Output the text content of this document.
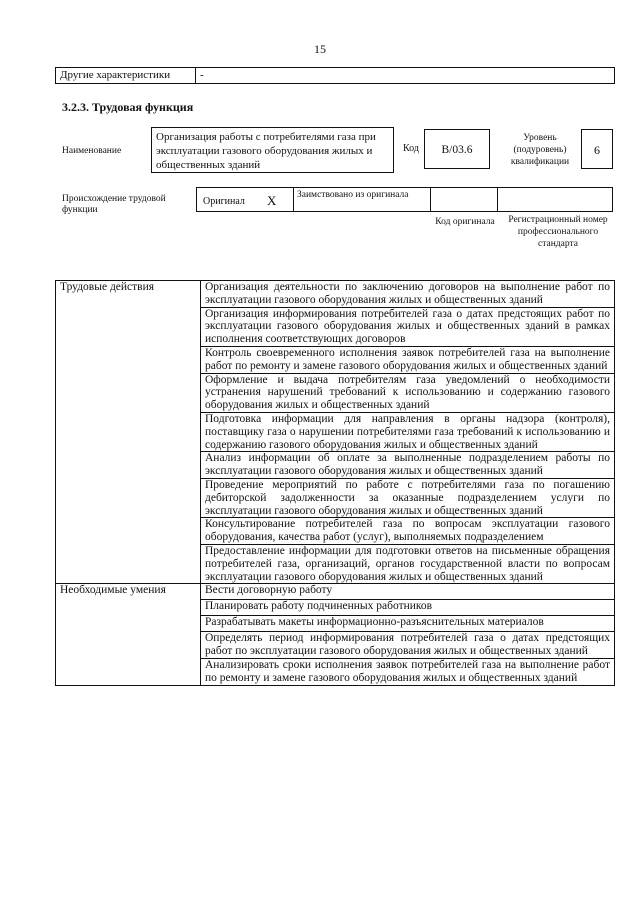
15
Другие характеристики	-
3.2.3. Трудовая функция
Наименование
Организация работы с потребителями газа при эксплуатации газового оборудования жилых и общественных зданий
Код	В/03.6
Уровень (подуровень) квалификации
6
Происхождение трудовой функции
Оригинал X Заимствовано из оригинала
Код оригинала	Регистрационный номер профессионального стандарта
Трудовые действия	Организация деятельности по заключению договоров на выполнение работ по эксплуатации газового оборудования жилых и общественных зданий
	Организация информирования потребителей газа о датах предстоящих работ по эксплуатации газового оборудования жилых и общественных зданий в рамках исполнения соответствующих договоров
	Контроль своевременного исполнения заявок потребителей газа на выполнение работ по ремонту и замене газового оборудования жилых и общественных зданий
	Оформление и выдача потребителям газа уведомлений о необходимости устранения нарушений требований к использованию и содержанию газового оборудования жилых и общественных зданий
	Подготовка информации для направления в органы надзора (контроля), поставщику газа о нарушении потребителями газа требований к использованию и содержанию газового оборудования жилых и общественных зданий
	Анализ информации об оплате за выполненные подразделением работы по эксплуатации газового оборудования жилых и общественных зданий
	Проведение мероприятий по работе с потребителями газа по погашению дебиторской задолженности за оказанные подразделением услуги по эксплуатации газового оборудования жилых и общественных зданий
	Консультирование потребителей газа по вопросам эксплуатации газового оборудования, качества работ (услуг), выполняемых подразделением
	Предоставление информации для подготовки ответов на письменные обращения потребителей газа, организаций, органов государственной власти по вопросам эксплуатации газового оборудования жилых и общественных зданий
Необходимые умения	Вести договорную работу
	Планировать работу подчиненных работников
	Разрабатывать макеты информационно-разъяснительных материалов
	Определять период информирования потребителей газа о датах предстоящих работ по эксплуатации газового оборудования жилых и общественных зданий
	Анализировать сроки исполнения заявок потребителей газа на выполнение работ по ремонту и замене газового оборудования жилых и общественных зданий
